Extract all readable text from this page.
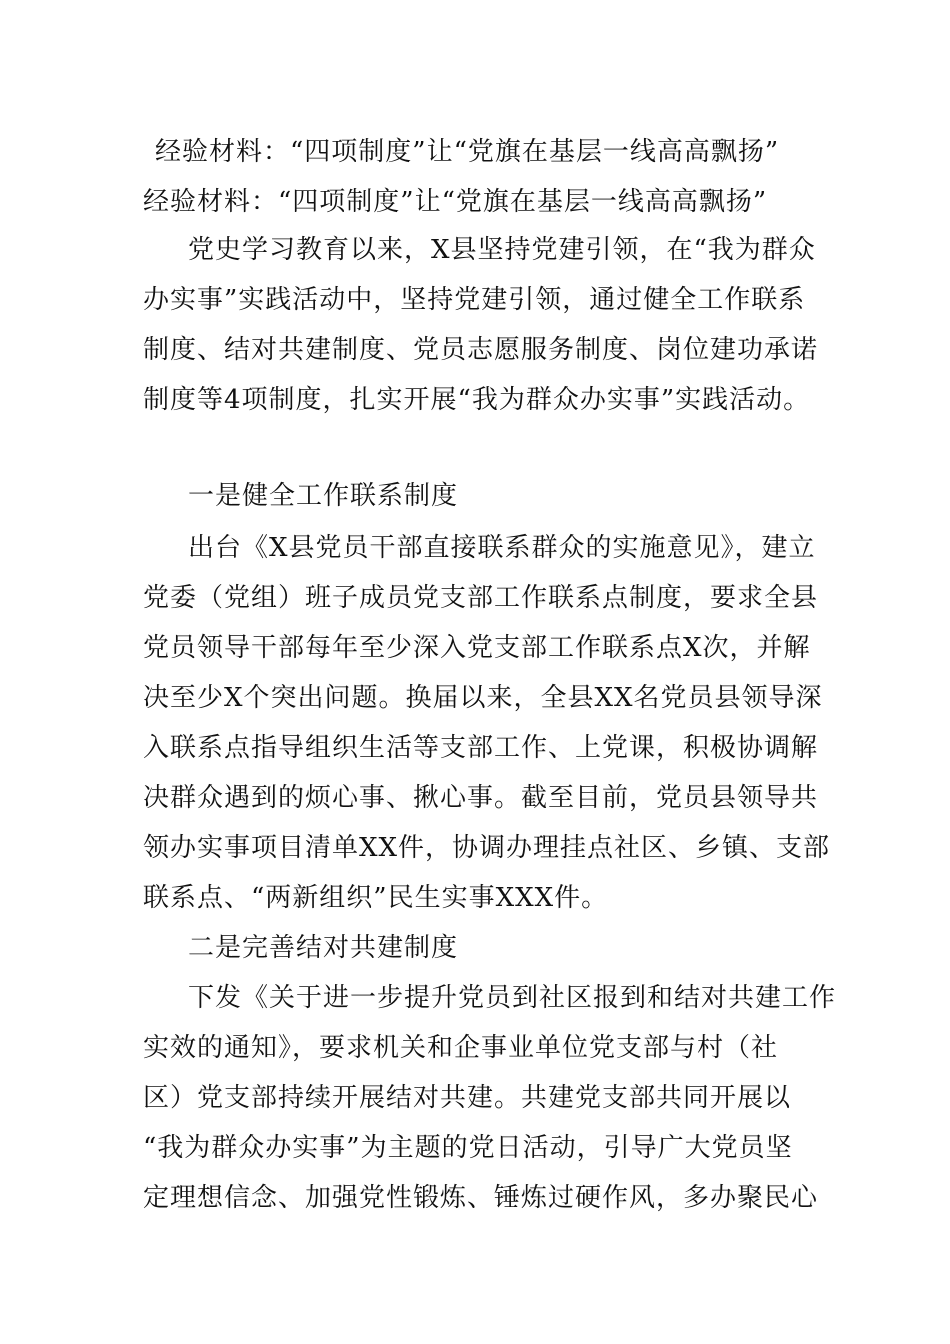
经验材料：“四项制度”让“党旗在基层一线高高飘扬”
经验材料：“四项制度”让“党旗在基层一线高高飘扬”
党史学习教育以来，X县坚持党建引领，在“我为群众
办实事”实践活动中，坚持党建引领，通过健全工作联系
制度、结对共建制度、党员志愿服务制度、岗位建功承诺
制度等4项制度，扎实开展“我为群众办实事”实践活动。
一是健全工作联系制度
出台《X县党员干部直接联系群众的实施意见》，建立
党委（党组）班子成员党支部工作联系点制度，要求全县
党员领导干部每年至少深入党支部工作联系点X次，并解
决至少X个突出问题。换届以来，全县XX名党员县领导深
入联系点指导组织生活等支部工作、上党课，积极协调解
决群众遇到的烦心事、揪心事。截至目前，党员县领导共
领办实事项目清单XX件，协调办理挂点社区、乡镇、支部
联系点、“两新组织”民生实事XXX件。
二是完善结对共建制度
下发《关于进一步提升党员到社区报到和结对共建工作
实效的通知》，要求机关和企事业单位党支部与村（社
区）党支部持续开展结对共建。共建党支部共同开展以
“我为群众办实事”为主题的党日活动，引导广大党员坚
定理想信念、加强党性锻炼、锤炼过硬作风，多办聚民心
